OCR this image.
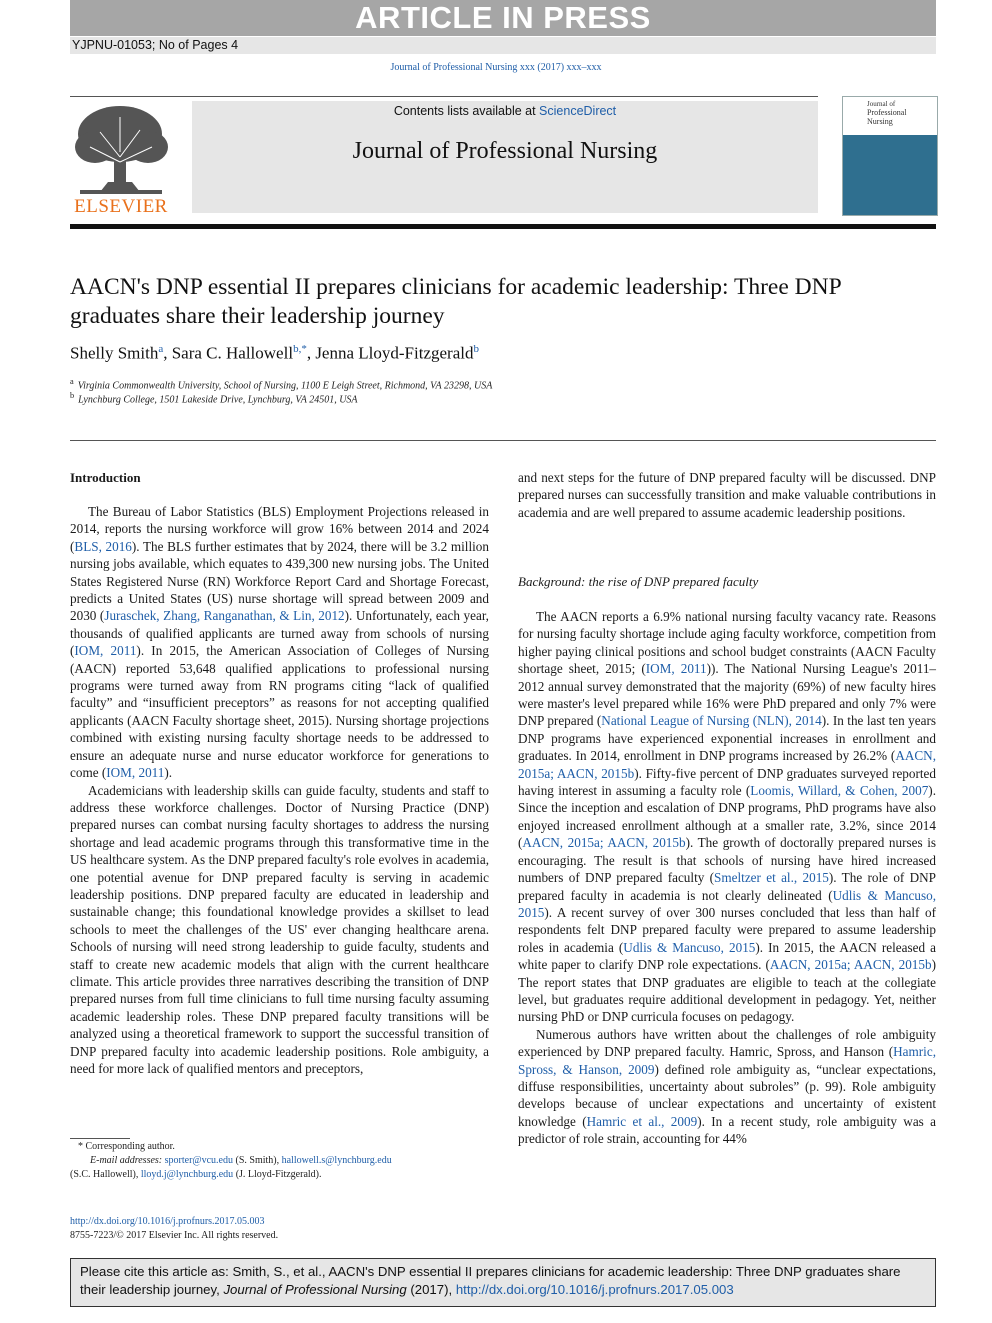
ARTICLE IN PRESS
YJPNU-01053; No of Pages 4
Journal of Professional Nursing xxx (2017) xxx–xxx
ELSEVIER
Contents lists available at ScienceDirect
Journal of Professional Nursing
Journal of
Professional
Nursing
AACN's DNP essential II prepares clinicians for academic leadership: Three DNP graduates share their leadership journey
Shelly Smith$^a$, Sara C. Hallowell$^{b,*}$, Jenna Lloyd-Fitzgerald$^b$
$^a$ Virginia Commonwealth University, School of Nursing, 1100 E Leigh Street, Richmond, VA 23298, USA
$^b$ Lynchburg College, 1501 Lakeside Drive, Lynchburg, VA 24501, USA
Introduction

The Bureau of Labor Statistics (BLS) Employment Projections released in 2014, reports the nursing workforce will grow 16% between 2014 and 2024 (BLS, 2016). The BLS further estimates that by 2024, there will be 3.2 million nursing jobs available, which equates to 439,300 new nursing jobs. The United States Registered Nurse (RN) Workforce Report Card and Shortage Forecast, predicts a United States (US) nurse shortage will spread between 2009 and 2030 (Juraschek, Zhang, Ranganathan, & Lin, 2012). Unfortunately, each year, thousands of qualified applicants are turned away from schools of nursing (IOM, 2011). In 2015, the American Association of Colleges of Nursing (AACN) reported 53,648 qualified applications to professional nursing programs were turned away from RN programs citing “lack of qualified faculty” and “insufficient preceptors” as reasons for not accepting qualified applicants (AACN Faculty shortage sheet, 2015). Nursing shortage projections combined with existing nursing faculty shortage needs to be addressed to ensure an adequate nurse and nurse educator workforce for generations to come (IOM, 2011).

Academicians with leadership skills can guide faculty, students and staff to address these workforce challenges. Doctor of Nursing Practice (DNP) prepared nurses can combat nursing faculty shortages to address the nursing shortage and lead academic programs through this transformative time in the US healthcare system. As the DNP prepared faculty's role evolves in academia, one potential avenue for DNP prepared faculty is serving in academic leadership positions. DNP prepared faculty are educated in leadership and sustainable change; this foundational knowledge provides a skillset to lead schools to meet the challenges of the US' ever changing healthcare arena. Schools of nursing will need strong leadership to guide faculty, students and staff to create new academic models that align with the current healthcare climate. This article provides three narratives describing the transition of DNP prepared nurses from full time clinicians to full time nursing faculty assuming academic leadership roles. These DNP prepared faculty transitions will be analyzed using a theoretical framework to support the successful transition of DNP prepared faculty into academic leadership positions. Role ambiguity, a need for more lack of qualified mentors and preceptors,

and next steps for the future of DNP prepared faculty will be discussed. DNP prepared nurses can successfully transition and make valuable contributions in academia and are well prepared to assume academic leadership positions.

Background: the rise of DNP prepared faculty

The AACN reports a 6.9% national nursing faculty vacancy rate. Reasons for nursing faculty shortage include aging faculty workforce, competition from higher paying clinical positions and school budget constraints (AACN Faculty shortage sheet, 2015; (IOM, 2011)). The National Nursing League's 2011–2012 annual survey demonstrated that the majority (69%) of new faculty hires were master's level prepared while 16% were PhD prepared and only 7% were DNP prepared (National League of Nursing (NLN), 2014). In the last ten years DNP programs have experienced exponential increases in enrollment and graduates. In 2014, enrollment in DNP programs increased by 26.2% (AACN, 2015a; AACN, 2015b). Fifty-five percent of DNP graduates surveyed reported having interest in assuming a faculty role (Loomis, Willard, & Cohen, 2007). Since the inception and escalation of DNP programs, PhD programs have also enjoyed increased enrollment although at a smaller rate, 3.2%, since 2014 (AACN, 2015a; AACN, 2015b). The growth of doctorally prepared nurses is encouraging. The result is that schools of nursing have hired increased numbers of DNP prepared faculty (Smeltzer et al., 2015). The role of DNP prepared faculty in academia is not clearly delineated (Udlis & Mancuso, 2015). A recent survey of over 300 nurses concluded that less than half of respondents felt DNP prepared faculty were prepared to assume leadership roles in academia (Udlis & Mancuso, 2015). In 2015, the AACN released a white paper to clarify DNP role expectations. (AACN, 2015a; AACN, 2015b) The report states that DNP graduates are eligible to teach at the collegiate level, but graduates require additional development in pedagogy. Yet, neither nursing PhD or DNP curricula focuses on pedagogy.

Numerous authors have written about the challenges of role ambiguity experienced by DNP prepared faculty. Hamric, Spross, and Hanson (Hamric, Spross, & Hanson, 2009) defined role ambiguity as, “unclear expectations, diffuse responsibilities, uncertainty about subroles” (p. 99). Role ambiguity develops because of unclear expectations and uncertainty of existent knowledge (Hamric et al., 2009). In a recent study, role ambiguity was a predictor of role strain, accounting for 44%

* Corresponding author.
E-mail addresses: sporter@vcu.edu (S. Smith), hallowell.s@lynchburg.edu
(S.C. Hallowell), lloyd.j@lynchburg.edu (J. Lloyd-Fitzgerald).
http://dx.doi.org/10.1016/j.profnurs.2017.05.003
8755-7223/© 2017 Elsevier Inc. All rights reserved.
Please cite this article as: Smith, S., et al., AACN's DNP essential II prepares clinicians for academic leadership: Three DNP graduates share their leadership journey, Journal of Professional Nursing (2017), http://dx.doi.org/10.1016/j.profnurs.2017.05.003
